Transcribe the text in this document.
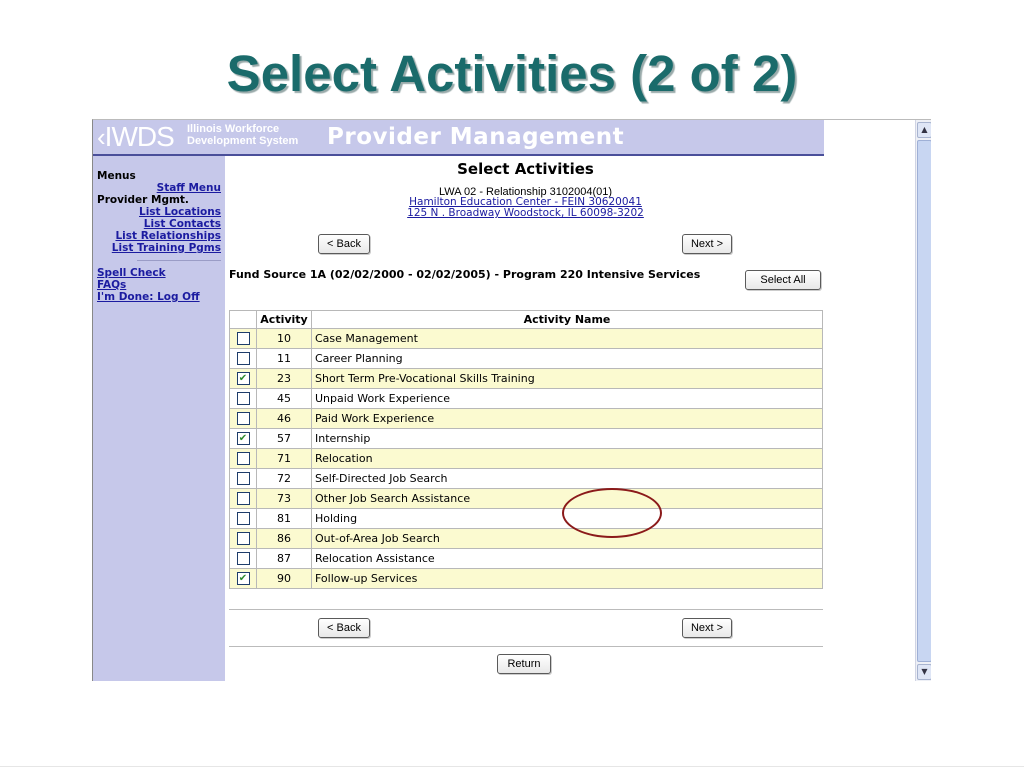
Select Activities (2 of 2)
‹IWDS Illinois Workforce
Development System Provider Management
Menus
Staff Menu
Provider Mgmt.
List Locations
List Contacts
List Relationships
List Training Pgms
Spell Check
FAQs
I'm Done: Log Off
Select Activities
LWA 02 - Relationship 3102004(01)
Hamilton Education Center - FEIN 30620041
125 N . Broadway Woodstock, IL 60098-3202
< Back	Next >
Fund Source 1A (02/02/2000 - 02/02/2005) - Program 220 Intensive Services	Select All
	Activity	Activity Name
	10	Case Management
	11	Career Planning
✔	23	Short Term Pre-Vocational Skills Training
	45	Unpaid Work Experience
	46	Paid Work Experience
✔	57	Internship
	71	Relocation
	72	Self-Directed Job Search
	73	Other Job Search Assistance
	81	Holding
	86	Out-of-Area Job Search
	87	Relocation Assistance
✔	90	Follow-up Services
< Back	Next >
Return
▲
▼
